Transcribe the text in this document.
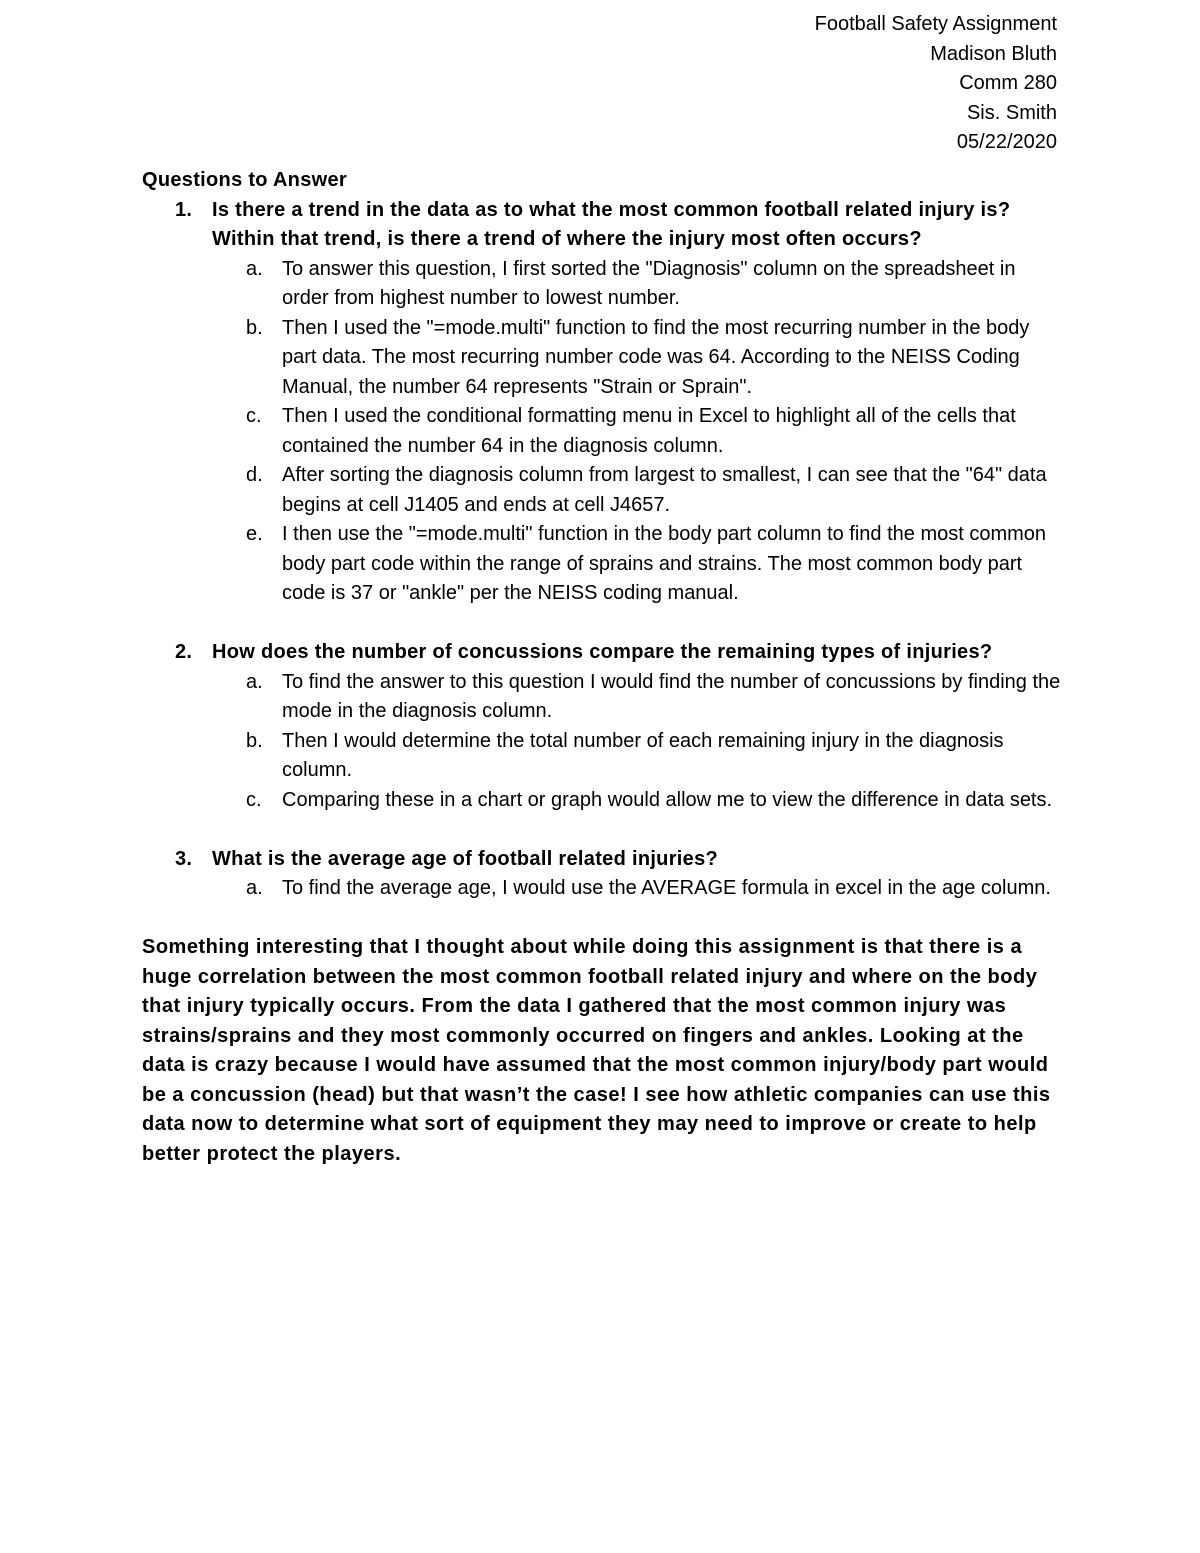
Football Safety Assignment
Madison Bluth
Comm 280
Sis. Smith
05/22/2020
Questions to Answer
1. Is there a trend in the data as to what the most common football related injury is? Within that trend, is there a trend of where the injury most often occurs?
a. To answer this question, I first sorted the "Diagnosis" column on the spreadsheet in order from highest number to lowest number.
b. Then I used the "=mode.multi" function to find the most recurring number in the body part data. The most recurring number code was 64. According to the NEISS Coding Manual, the number 64 represents "Strain or Sprain".
c. Then I used the conditional formatting menu in Excel to highlight all of the cells that contained the number 64 in the diagnosis column.
d. After sorting the diagnosis column from largest to smallest, I can see that the "64" data begins at cell J1405 and ends at cell J4657.
e. I then use the "=mode.multi" function in the body part column to find the most common body part code within the range of sprains and strains. The most common body part code is 37 or "ankle" per the NEISS coding manual.
2. How does the number of concussions compare the remaining types of injuries?
a. To find the answer to this question I would find the number of concussions by finding the mode in the diagnosis column.
b. Then I would determine the total number of each remaining injury in the diagnosis column.
c. Comparing these in a chart or graph would allow me to view the difference in data sets.
3. What is the average age of football related injuries?
a. To find the average age, I would use the AVERAGE formula in excel in the age column.
Something interesting that I thought about while doing this assignment is that there is a huge correlation between the most common football related injury and where on the body that injury typically occurs. From the data I gathered that the most common injury was strains/sprains and they most commonly occurred on fingers and ankles. Looking at the data is crazy because I would have assumed that the most common injury/body part would be a concussion (head) but that wasn’t the case! I see how athletic companies can use this data now to determine what sort of equipment they may need to improve or create to help better protect the players.
